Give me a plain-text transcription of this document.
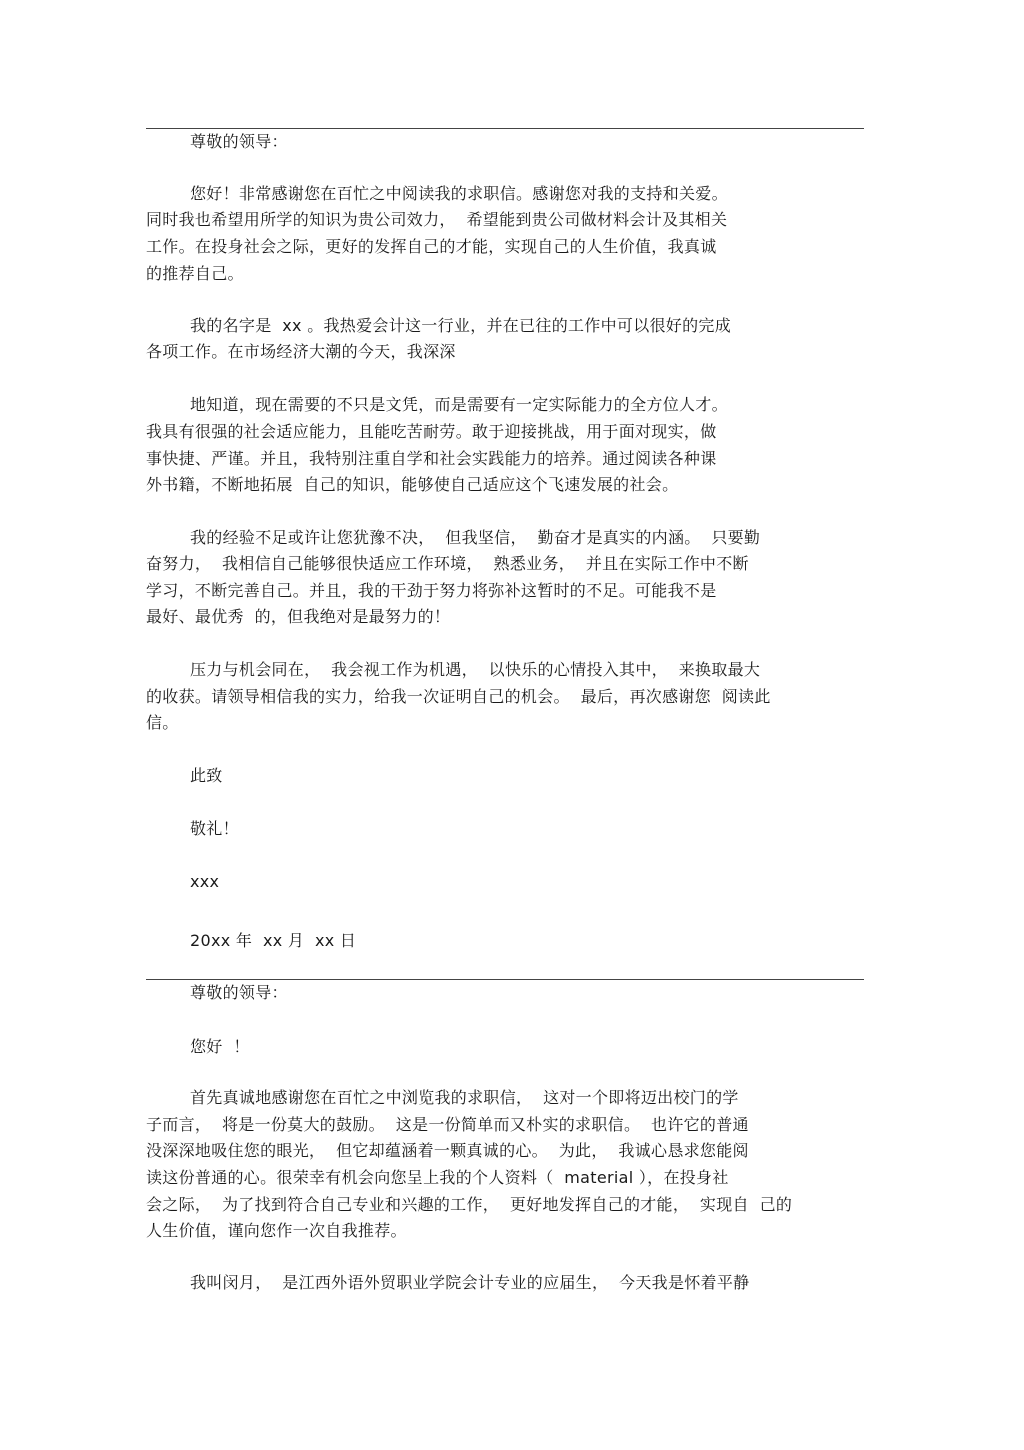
尊敬的领导：
您好！非常感谢您在百忙之中阅读我的求职信。感谢您对我的支持和关爱。
同时我也希望用所学的知识为贵公司效力，  希望能到贵公司做材料会计及其相关
工作。在投身社会之际，更好的发挥自己的才能，实现自己的人生价值，我真诚
的推荐自己。
我的名字是  xx 。我热爱会计这一行业，并在已往的工作中可以很好的完成
各项工作。在市场经济大潮的今天，我深深
地知道，现在需要的不只是文凭，而是需要有一定实际能力的全方位人才。
我具有很强的社会适应能力，且能吃苦耐劳。敢于迎接挑战，用于面对现实，做
事快捷、严谨。并且，我特别注重自学和社会实践能力的培养。通过阅读各种课
外书籍，不断地拓展  自己的知识，能够使自己适应这个飞速发展的社会。
我的经验不足或许让您犹豫不决，  但我坚信，  勤奋才是真实的内涵。  只要勤
奋努力，  我相信自己能够很快适应工作环境，  熟悉业务，  并且在实际工作中不断
学习，不断完善自己。并且，我的干劲于努力将弥补这暂时的不足。可能我不是
最好、最优秀  的，但我绝对是最努力的！
压力与机会同在，  我会视工作为机遇，  以快乐的心情投入其中，  来换取最大
的收获。请领导相信我的实力，给我一次证明自己的机会。  最后，再次感谢您  阅读此
信。
此致
敬礼！
xxx
20xx 年  xx 月  xx 日
尊敬的领导：
您好  ！
首先真诚地感谢您在百忙之中浏览我的求职信，  这对一个即将迈出校门的学
子而言，  将是一份莫大的鼓励。  这是一份简单而又朴实的求职信。  也许它的普通
没深深地吸住您的眼光，  但它却蕴涵着一颗真诚的心。  为此，  我诚心恳求您能阅
读这份普通的心。很荣幸有机会向您呈上我的个人资料（  material ），在投身社
会之际，  为了找到符合自己专业和兴趣的工作，  更好地发挥自己的才能，  实现自  己的
人生价值，谨向您作一次自我推荐。
我叫闵月，  是江西外语外贸职业学院会计专业的应届生，  今天我是怀着平静
